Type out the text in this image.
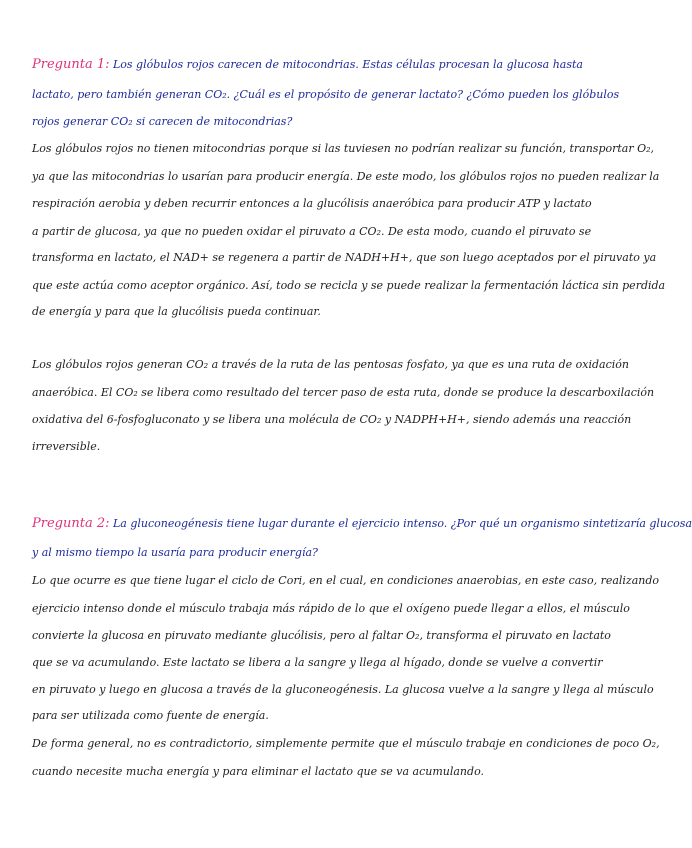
Pregunta 1: Los glóbulos rojos carecen de mitocondrias. Estas células procesan la glucosa hasta
lactato, pero también generan CO₂. ¿Cuál es el propósito de generar lactato? ¿Cómo pueden los glóbulos
rojos generar CO₂ si carecen de mitocondrias?
Los glóbulos rojos no tienen mitocondrias porque si las tuviesen no podrían realizar su función, transportar O₂,
ya que las mitocondrias lo usarían para producir energía. De este modo, los glóbulos rojos no pueden realizar la
respiración aerobia y deben recurrir entonces a la glucólisis anaeróbica para producir ATP y lactato
a partir de glucosa, ya que no pueden oxidar el piruvato a CO₂. De esta modo, cuando el piruvato se
transforma en lactato, el NAD+ se regenera a partir de NADH+H+, que son luego aceptados por el piruvato ya
que este actúa como aceptor orgánico. Así, todo se recicla y se puede realizar la fermentación láctica sin perdida
de energía y para que la glucólisis pueda continuar.
Los glóbulos rojos generan CO₂ a través de la ruta de las pentosas fosfato, ya que es una ruta de oxidación
anaeróbica. El CO₂ se libera como resultado del tercer paso de esta ruta, donde se produce la descarboxilación
oxidativa del 6-fosfogluconato y se libera una molécula de CO₂ y NADPH+H+, siendo además una reacción
irreversible.
Pregunta 2: La gluconeogénesis tiene lugar durante el ejercicio intenso. ¿Por qué un organismo sintetizaría glucosa
y al mismo tiempo la usaría para producir energía?
Lo que ocurre es que tiene lugar el ciclo de Cori, en el cual, en condiciones anaerobias, en este caso, realizando
ejercicio intenso donde el músculo trabaja más rápido de lo que el oxígeno puede llegar a ellos, el músculo
convierte la glucosa en piruvato mediante glucólisis, pero al faltar O₂, transforma el piruvato en lactato
que se va acumulando. Este lactato se libera a la sangre y llega al hígado, donde se vuelve a convertir
en piruvato y luego en glucosa a través de la gluconeogénesis. La glucosa vuelve a la sangre y llega al músculo
para ser utilizada como fuente de energía.
De forma general, no es contradictorio, simplemente permite que el músculo trabaje en condiciones de poco O₂,
cuando necesite mucha energía y para eliminar el lactato que se va acumulando.
